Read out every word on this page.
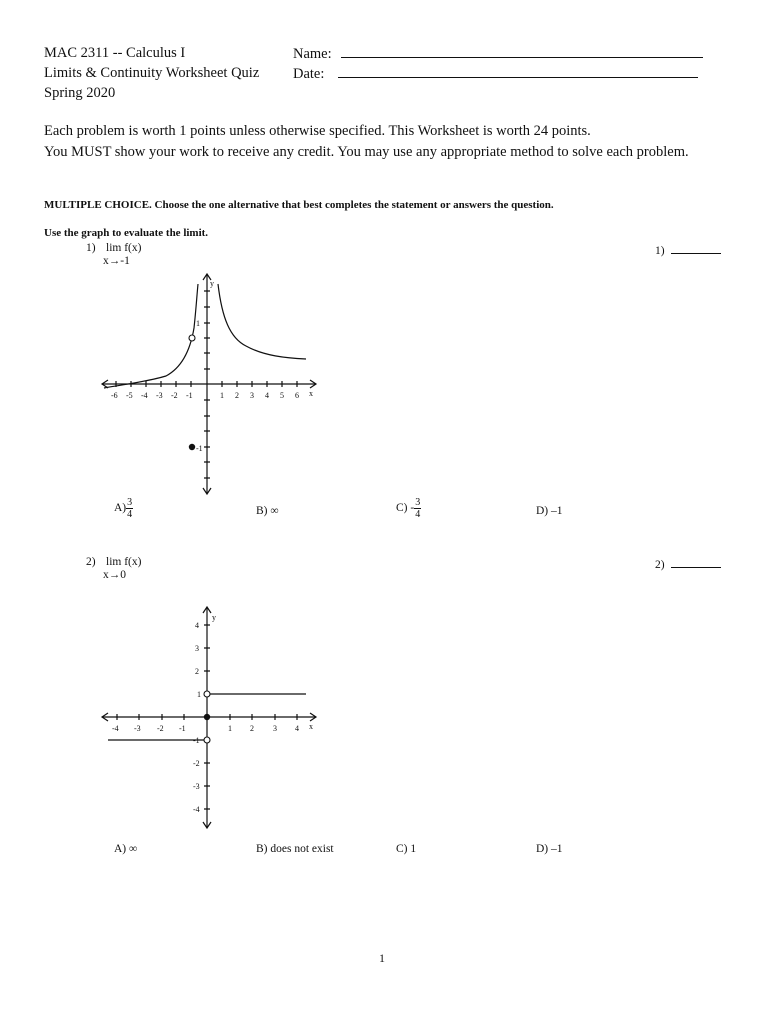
MAC 2311 -- Calculus I
Limits & Continuity Worksheet Quiz
Spring 2020
Name:
Date:
Each problem is worth 1 points unless otherwise specified. This Worksheet is worth 24 points.
You MUST show your work to receive any credit. You may use any appropriate method to solve each problem.
MULTIPLE CHOICE. Choose the one alternative that best completes the statement or answers the question.
Use the graph to evaluate the limit.
1) lim f(x)
x→-1
1)
y
x
1
-1
-6 -5 -4 -3 -2 -1	1 2 3 4 5 6
$A) \frac{3}{4}$	B) ∞	$C) - \frac{3}{4}$	D) –1
2) lim f(x)
x→0
2)
y
x
4
3
2
1
-1
-2
-3
-4
-4 -3 -2 -1	1 2 3 4
A) ∞	B) does not exist	C) 1	D) –1
1
